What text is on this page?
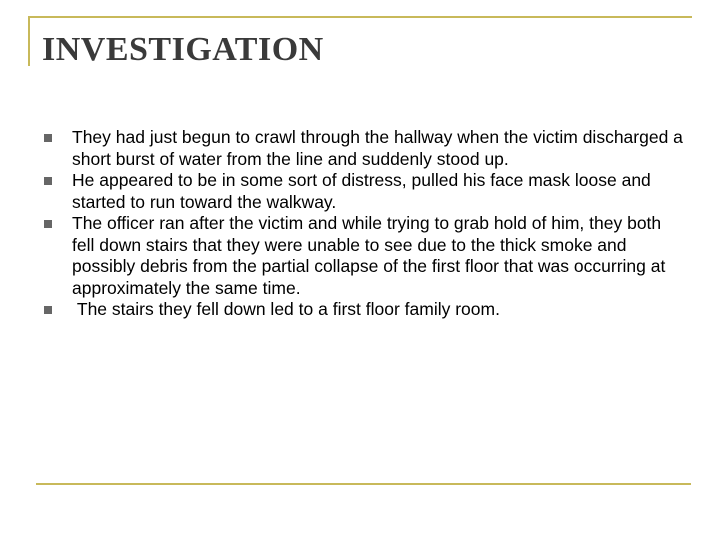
INVESTIGATION
They had just begun to crawl through the hallway when the victim discharged a short burst of water from the line and suddenly stood up.
He appeared to be in some sort of distress, pulled his face mask loose and started to run toward the walkway.
The officer ran after the victim and while trying to grab hold of him, they both fell down stairs that they were unable to see due to the thick smoke and possibly debris from the partial collapse of the first floor that was occurring at approximately the same time.
The stairs they fell down led to a first floor family room.
